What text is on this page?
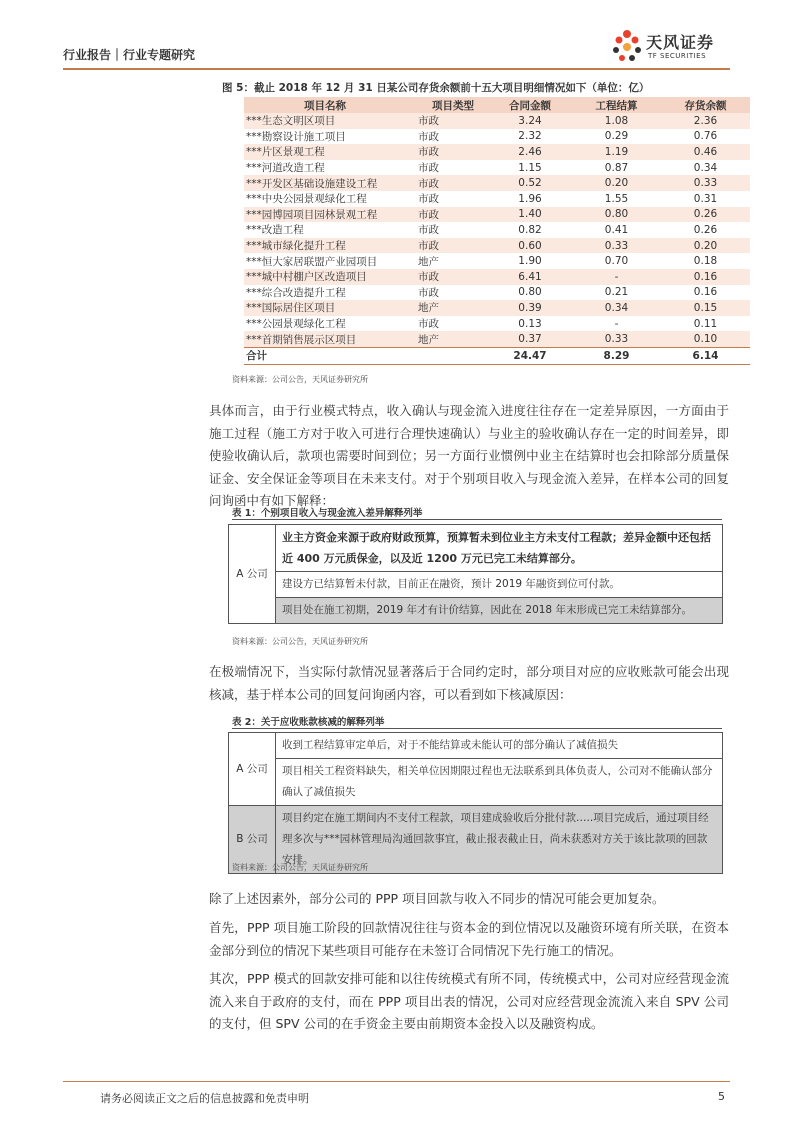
行业报告｜行业专题研究
天风证券
TF SECURITIES
图 5：截止 2018 年 12 月 31 日某公司存货余额前十五大项目明细情况如下（单位：亿）
项目名称	项目类型	合同金额	工程结算	存货余额
***生态文明区项目	市政	3.24	1.08	2.36
***勘察设计施工项目	市政	2.32	0.29	0.76
***片区景观工程	市政	2.46	1.19	0.46
***河道改造工程	市政	1.15	0.87	0.34
***开发区基础设施建设工程	市政	0.52	0.20	0.33
***中央公园景观绿化工程	市政	1.96	1.55	0.31
***园博园项目园林景观工程	市政	1.40	0.80	0.26
***改造工程	市政	0.82	0.41	0.26
***城市绿化提升工程	市政	0.60	0.33	0.20
***恒大家居联盟产业园项目	地产	1.90	0.70	0.18
***城中村棚户区改造项目	市政	6.41	-	0.16
***综合改造提升工程	市政	0.80	0.21	0.16
***国际居住区项目	地产	0.39	0.34	0.15
***公园景观绿化工程	市政	0.13	-	0.11
***首期销售展示区项目	地产	0.37	0.33	0.10
合计		24.47	8.29	6.14
资料来源：公司公告，天风证券研究所
具体而言，由于行业模式特点，收入确认与现金流入进度往往存在一定差异原因，一方面由于施工过程（施工方对于收入可进行合理快速确认）与业主的验收确认存在一定的时间差异，即使验收确认后，款项也需要时间到位；另一方面行业惯例中业主在结算时也会扣除部分质量保证金、安全保证金等项目在未来支付。对于个别项目收入与现金流入差异，在样本公司的回复问询函中有如下解释：
表 1：个别项目收入与现金流入差异解释列举
A 公司	业主方资金来源于政府财政预算，预算暂未到位业主方未支付工程款；差异金额中还包括近 400 万元质保金，以及近 1200 万元已完工未结算部分。
建设方已结算暂未付款，目前正在融资，预计 2019 年融资到位可付款。
项目处在施工初期，2019 年才有计价结算，因此在 2018 年末形成已完工未结算部分。
资料来源：公司公告，天风证券研究所
在极端情况下，当实际付款情况显著落后于合同约定时，部分项目对应的应收账款可能会出现核减，基于样本公司的回复问询函内容，可以看到如下核减原因：
表 2：关于应收账款核减的解释列举
A 公司	收到工程结算审定单后，对于不能结算或未能认可的部分确认了减值损失
	项目相关工程资料缺失，相关单位因期限过程也无法联系到具体负责人，公司对不能确认部分确认了减值损失
B 公司	项目约定在施工期间内不支付工程款，项目建成验收后分批付款…..项目完成后，通过项目经理多次与***园林管理局沟通回款事宜，截止报表截止日，尚未获悉对方关于该比款项的回款安排。
资料来源：公司公告，天风证券研究所
除了上述因素外，部分公司的 PPP 项目回款与收入不同步的情况可能会更加复杂。
首先，PPP 项目施工阶段的回款情况往往与资本金的到位情况以及融资环境有所关联，在资本金部分到位的情况下某些项目可能存在未签订合同情况下先行施工的情况。
其次，PPP 模式的回款安排可能和以往传统模式有所不同，传统模式中，公司对应经营现金流流入来自于政府的支付，而在 PPP 项目出表的情况，公司对应经营现金流流入来自 SPV 公司的支付，但 SPV 公司的在手资金主要由前期资本金投入以及融资构成。
请务必阅读正文之后的信息披露和免责申明	5
